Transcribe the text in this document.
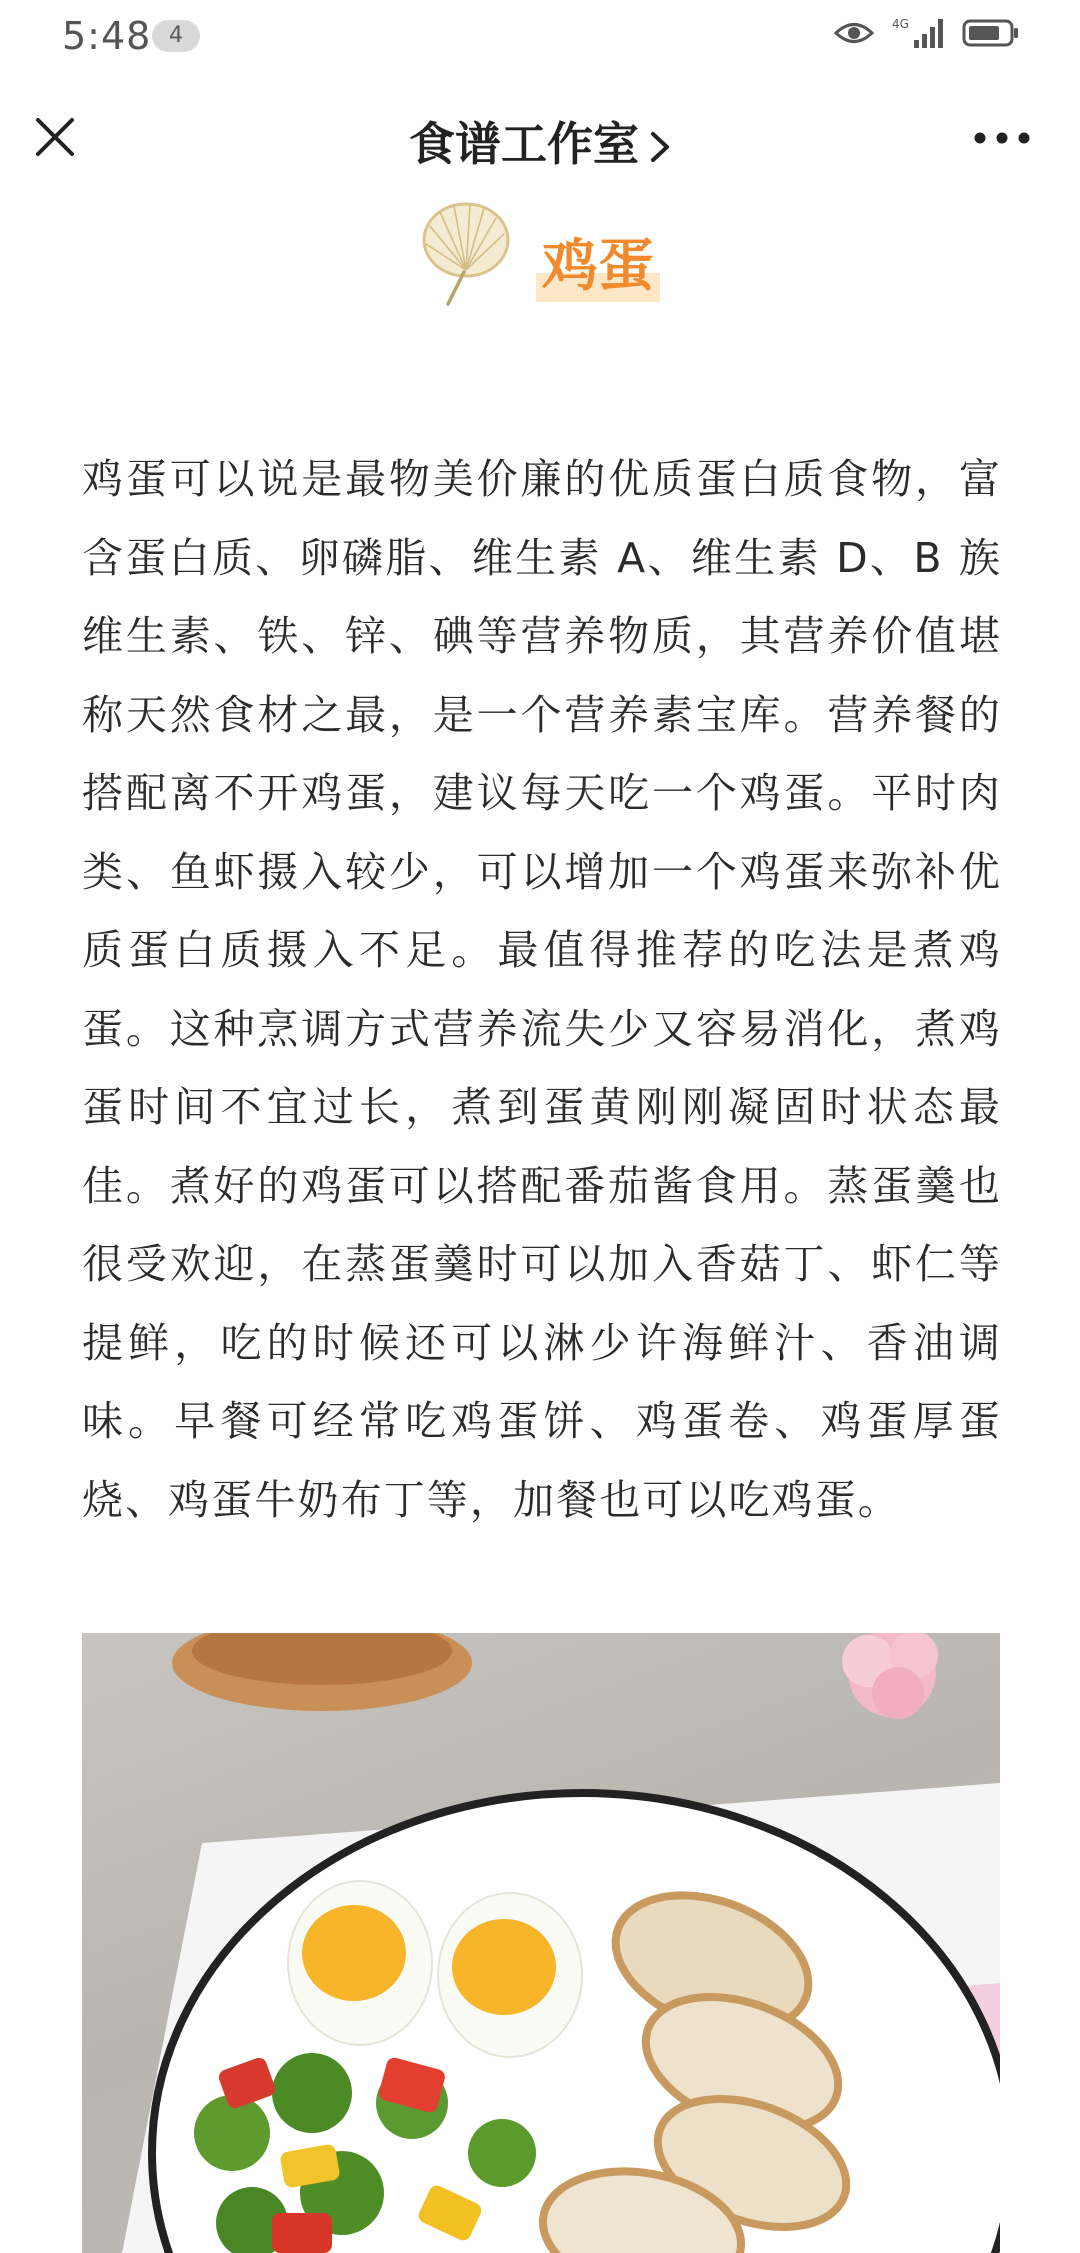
5:48 4	4G
食谱工作室
鸡蛋
鸡蛋可以说是最物美价廉的优质蛋白质食物，富含蛋白质、卵磷脂、维生素 A、维生素 D、B 族维生素、铁、锌、碘等营养物质，其营养价值堪称天然食材之最，是一个营养素宝库。营养餐的搭配离不开鸡蛋，建议每天吃一个鸡蛋。平时肉类、鱼虾摄入较少，可以增加一个鸡蛋来弥补优质蛋白质摄入不足。最值得推荐的吃法是煮鸡蛋。这种烹调方式营养流失少又容易消化，煮鸡蛋时间不宜过长，煮到蛋黄刚刚凝固时状态最佳。煮好的鸡蛋可以搭配番茄酱食用。蒸蛋羹也很受欢迎，在蒸蛋羹时可以加入香菇丁、虾仁等提鲜，吃的时候还可以淋少许海鲜汁、香油调味。早餐可经常吃鸡蛋饼、鸡蛋卷、鸡蛋厚蛋烧、鸡蛋牛奶布丁等，加餐也可以吃鸡蛋。
